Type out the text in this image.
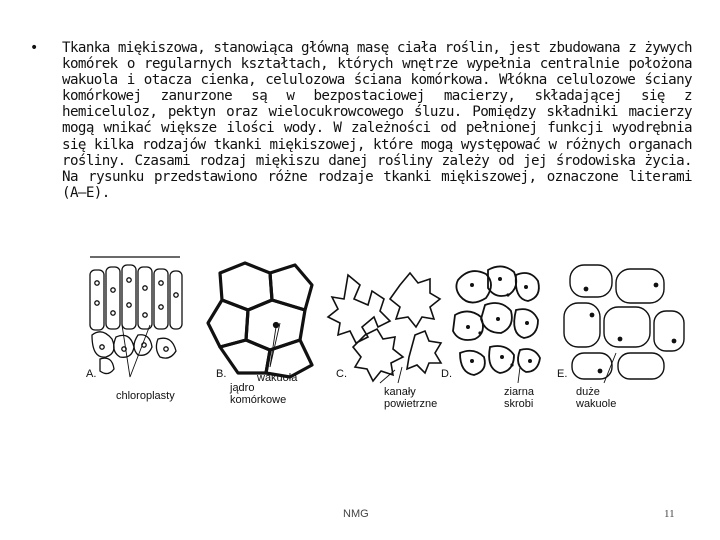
• Tkanka miękiszowa, stanowiąca główną masę ciała roślin, jest zbudowana z żywych komórek o regularnych kształtach, których wnętrze wypełnia centralnie położona wakuola i otacza cienka, celulozowa ściana komórkowa. Włókna celulozowe ściany komórkowej zanurzone są w bezpostaciowej macierzy, składającej się z hemiceluloz, pektyn oraz wielocukrowcowego śluzu. Pomiędzy składniki macierzy mogą wnikać większe ilości wody. W zależności od pełnionej funkcji wyodrębnia się kilka rodzajów tkanki miękiszowej, które mogą występować w różnych organach rośliny. Czasami rodzaj miękiszu danej rośliny zależy od jej środowiska życia. Na rysunku przedstawiono różne rodzaje tkanki miękiszowej, oznaczone literami (A–E).
A.	B.	C.	D.	E.
chloroplasty
wakuola
jądro
komórkowe
kanały
powietrzne
ziarna
skrobi
duże
wakuole
NMG	11
